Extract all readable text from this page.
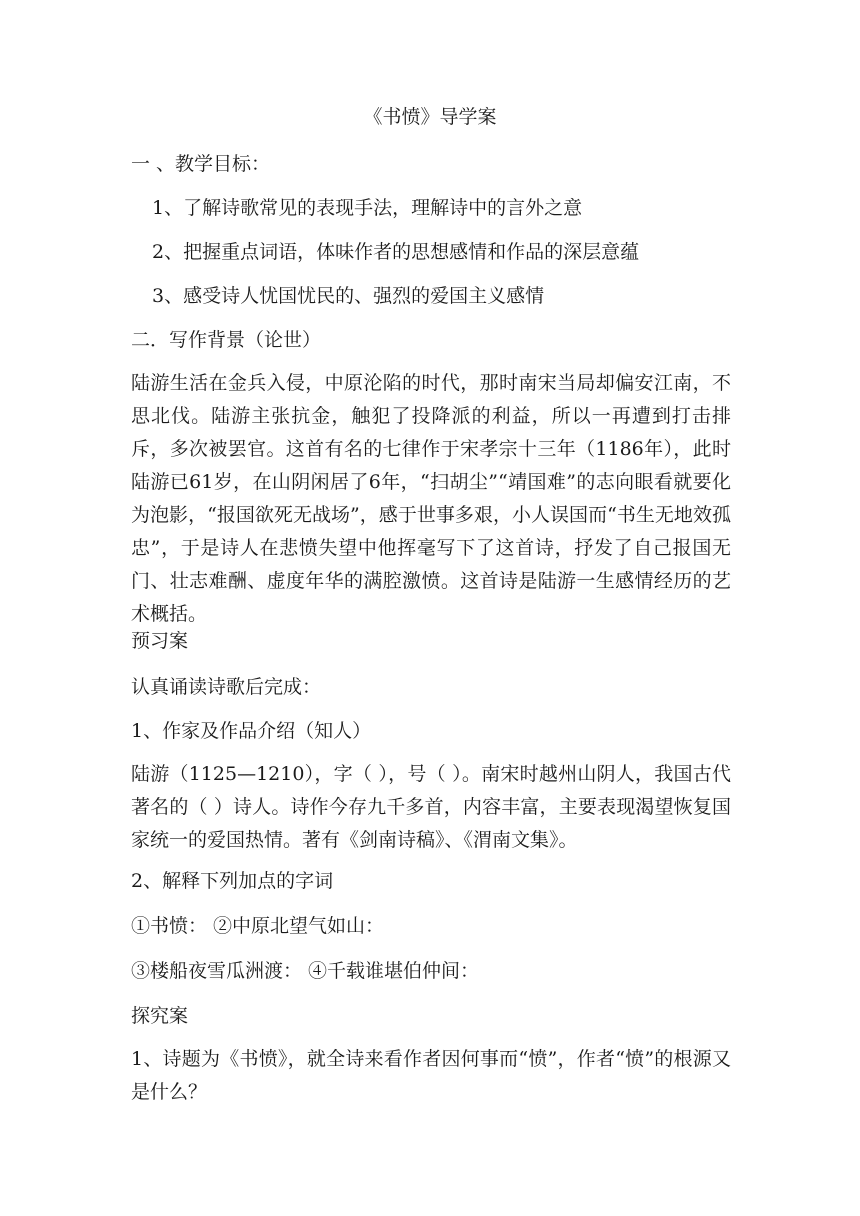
《书愤》导学案

一 、教学目标：

1、了解诗歌常见的表现手法，理解诗中的言外之意

2、把握重点词语，体味作者的思想感情和作品的深层意蕴

3、感受诗人忧国忧民的、强烈的爱国主义感情

二．写作背景（论世）

陆游生活在金兵入侵，中原沦陷的时代，那时南宋当局却偏安江南，不思北伐。陆游主张抗金，触犯了投降派的利益，所以一再遭到打击排斥，多次被罢官。这首有名的七律作于宋孝宗十三年（1186年），此时陆游已61岁，在山阴闲居了6年，“扫胡尘”“靖国难”的志向眼看就要化为泡影，“报国欲死无战场”，感于世事多艰，小人误国而“书生无地效孤忠”，于是诗人在悲愤失望中他挥毫写下了这首诗，抒发了自己报国无门、壮志难酬、虚度年华的满腔激愤。这首诗是陆游一生感情经历的艺术概括。

预习案

认真诵读诗歌后完成：

1、作家及作品介绍（知人）

陆游（1125—1210），字（ ），号（ ）。南宋时越州山阴人，我国古代著名的（ ）诗人。诗作今存九千多首，内容丰富，主要表现渴望恢复国家统一的爱国热情。著有《剑南诗稿》、《渭南文集》。

2、解释下列加点的字词

①书愤： ②中原北望气如山：

③楼船夜雪瓜洲渡： ④千载谁堪伯仲间：

探究案

1、诗题为《书愤》，就全诗来看作者因何事而“愤”，作者“愤”的根源又是什么？
